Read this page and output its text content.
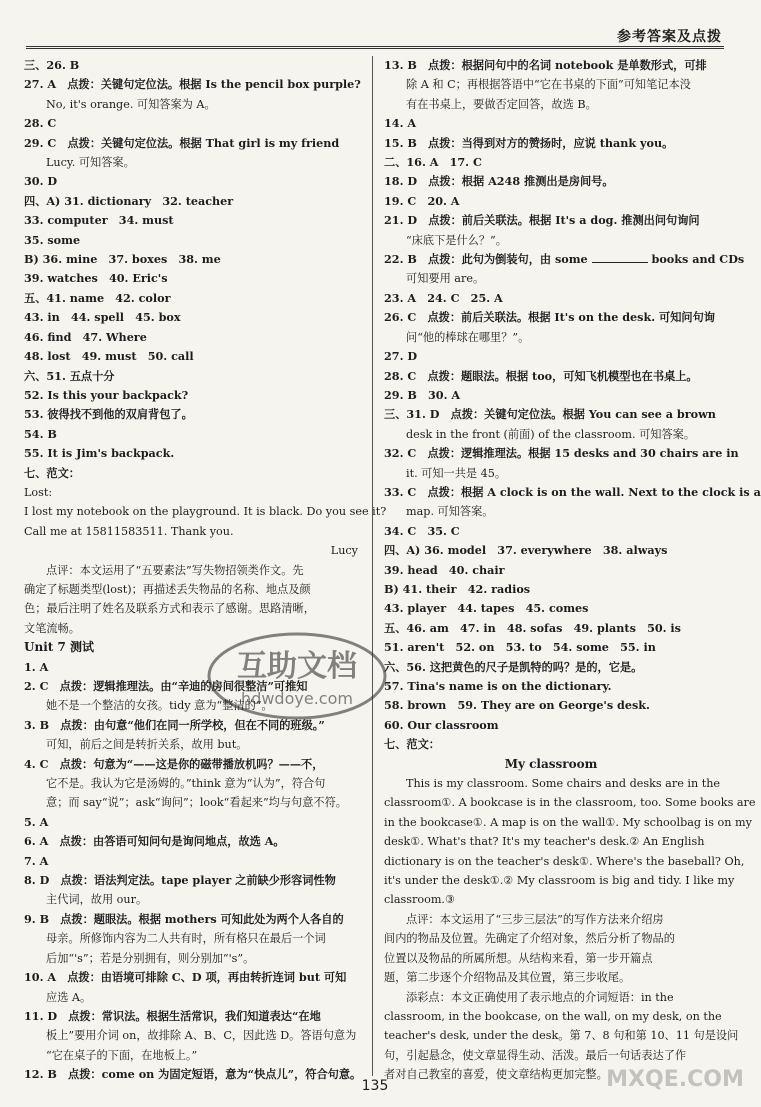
参考答案及点拨
三、26. B
27. A　点拨：关键句定位法。根据 Is the pencil box purple?
No, it's orange. 可知答案为 A。
28. C
29. C　点拨：关键句定位法。根据 That girl is my friend
Lucy. 可知答案。
30. D
四、A) 31. dictionary　32. teacher
33. computer　34. must
35. some
B) 36. mine　37. boxes　38. me
39. watches　40. Eric's
五、41. name　42. color
43. in　44. spell　45. box
46. find　47. Where
48. lost　49. must　50. call
六、51. 五点十分
52. Is this your backpack?
53. 彼得找不到他的双肩背包了。
54. B
55. It is Jim's backpack.
七、范文：
Lost:
I lost my notebook on the playground. It is black. Do you see it?
Call me at 15811583511. Thank you.
Lucy
点评：本文运用了“五要素法”写失物招领类作文。先
确定了标题类型(lost)；再描述丢失物品的名称、地点及颜
色；最后注明了姓名及联系方式和表示了感谢。思路清晰，
文笔流畅。
Unit 7 测试
1. A
2. C　点拨：逻辑推理法。由“辛迪的房间很整洁”可推知
她不是一个整洁的女孩。tidy 意为“整洁的”。
3. B　点拨：由句意“他们在同一所学校，但在不同的班级。”
可知，前后之间是转折关系，故用 but。
4. C　点拨：句意为“——这是你的磁带播放机吗？——不，
它不是。我认为它是汤姆的。”think 意为“认为”，符合句
意；而 say“说”；ask“询问”；look“看起来”均与句意不符。
5. A
6. A　点拨：由答语可知问句是询问地点，故选 A。
7. A
8. D　点拨：语法判定法。tape player 之前缺少形容词性物
主代词，故用 our。
9. B　点拨：题眼法。根据 mothers 可知此处为两个人各自的
母亲。所修饰内容为二人共有时，所有格只在最后一个词
后加“'s”；若是分别拥有，则分别加“'s”。
10. A　点拨：由语境可排除 C、D 项，再由转折连词 but 可知
应选 A。
11. D　点拨：常识法。根据生活常识，我们知道表达“在地
板上”要用介词 on，故排除 A、B、C，因此选 D。答语句意为
“它在桌子的下面，在地板上。”
12. B　点拨：come on 为固定短语，意为“快点儿”，符合句意。
13. B　点拨：根据问句中的名词 notebook 是单数形式，可排
除 A 和 C；再根据答语中“它在书桌的下面”可知笔记本没
有在书桌上，要做否定回答，故选 B。
14. A
15. B　点拨：当得到对方的赞扬时，应说 thank you。
二、16. A　17. C
18. D　点拨：根据 A248 推测出是房间号。
19. C　20. A
21. D　点拨：前后关联法。根据 It's a dog. 推测出问句询问
“床底下是什么？”。
22. B　点拨：此句为倒装句，由 some	books and CDs
可知要用 are。
23. A　24. C　25. A
26. C　点拨：前后关联法。根据 It's on the desk. 可知问句询
问“他的棒球在哪里？”。
27. D
28. C　点拨：题眼法。根据 too，可知飞机模型也在书桌上。
29. B　30. A
三、31. D　点拨：关键句定位法。根据 You can see a brown
desk in the front (前面) of the classroom. 可知答案。
32. C　点拨：逻辑推理法。根据 15 desks and 30 chairs are in
it. 可知一共是 45。
33. C　点拨：根据 A clock is on the wall. Next to the clock is a
map. 可知答案。
34. C　35. C
四、A) 36. model　37. everywhere　38. always
39. head　40. chair
B) 41. their　42. radios
43. player　44. tapes　45. comes
五、46. am　47. in　48. sofas　49. plants　50. is
51. aren't　52. on　53. to　54. some　55. in
六、56. 这把黄色的尺子是凯特的吗？是的，它是。
57. Tina's name is on the dictionary.
58. brown　59. They are on George's desk.
60. Our classroom
七、范文：
My classroom
This is my classroom. Some chairs and desks are in the
classroom①. A bookcase is in the classroom, too. Some books are
in the bookcase①. A map is on the wall①. My schoolbag is on my
desk①. What's that? It's my teacher's desk.② An English
dictionary is on the teacher's desk①. Where's the baseball? Oh,
it's under the desk①.② My classroom is big and tidy. I like my
classroom.③
点评：本文运用了“三步三层法”的写作方法来介绍房
间内的物品及位置。先确定了介绍对象，然后分析了物品的
位置以及物品的所属所想。从结构来看，第一步开篇点
题，第二步逐个介绍物品及其位置，第三步收尾。
添彩点：本文正确使用了表示地点的介词短语：in the
classroom, in the bookcase, on the wall, on my desk, on the
teacher's desk, under the desk。第 7、8 句和第 10、11 句是设问
句，引起悬念，使文章显得生动、活泼。最后一句话表达了作
者对自己教室的喜爱，使文章结构更加完整。
互助文档
hdwdoye.com
MXQE.COM
135
